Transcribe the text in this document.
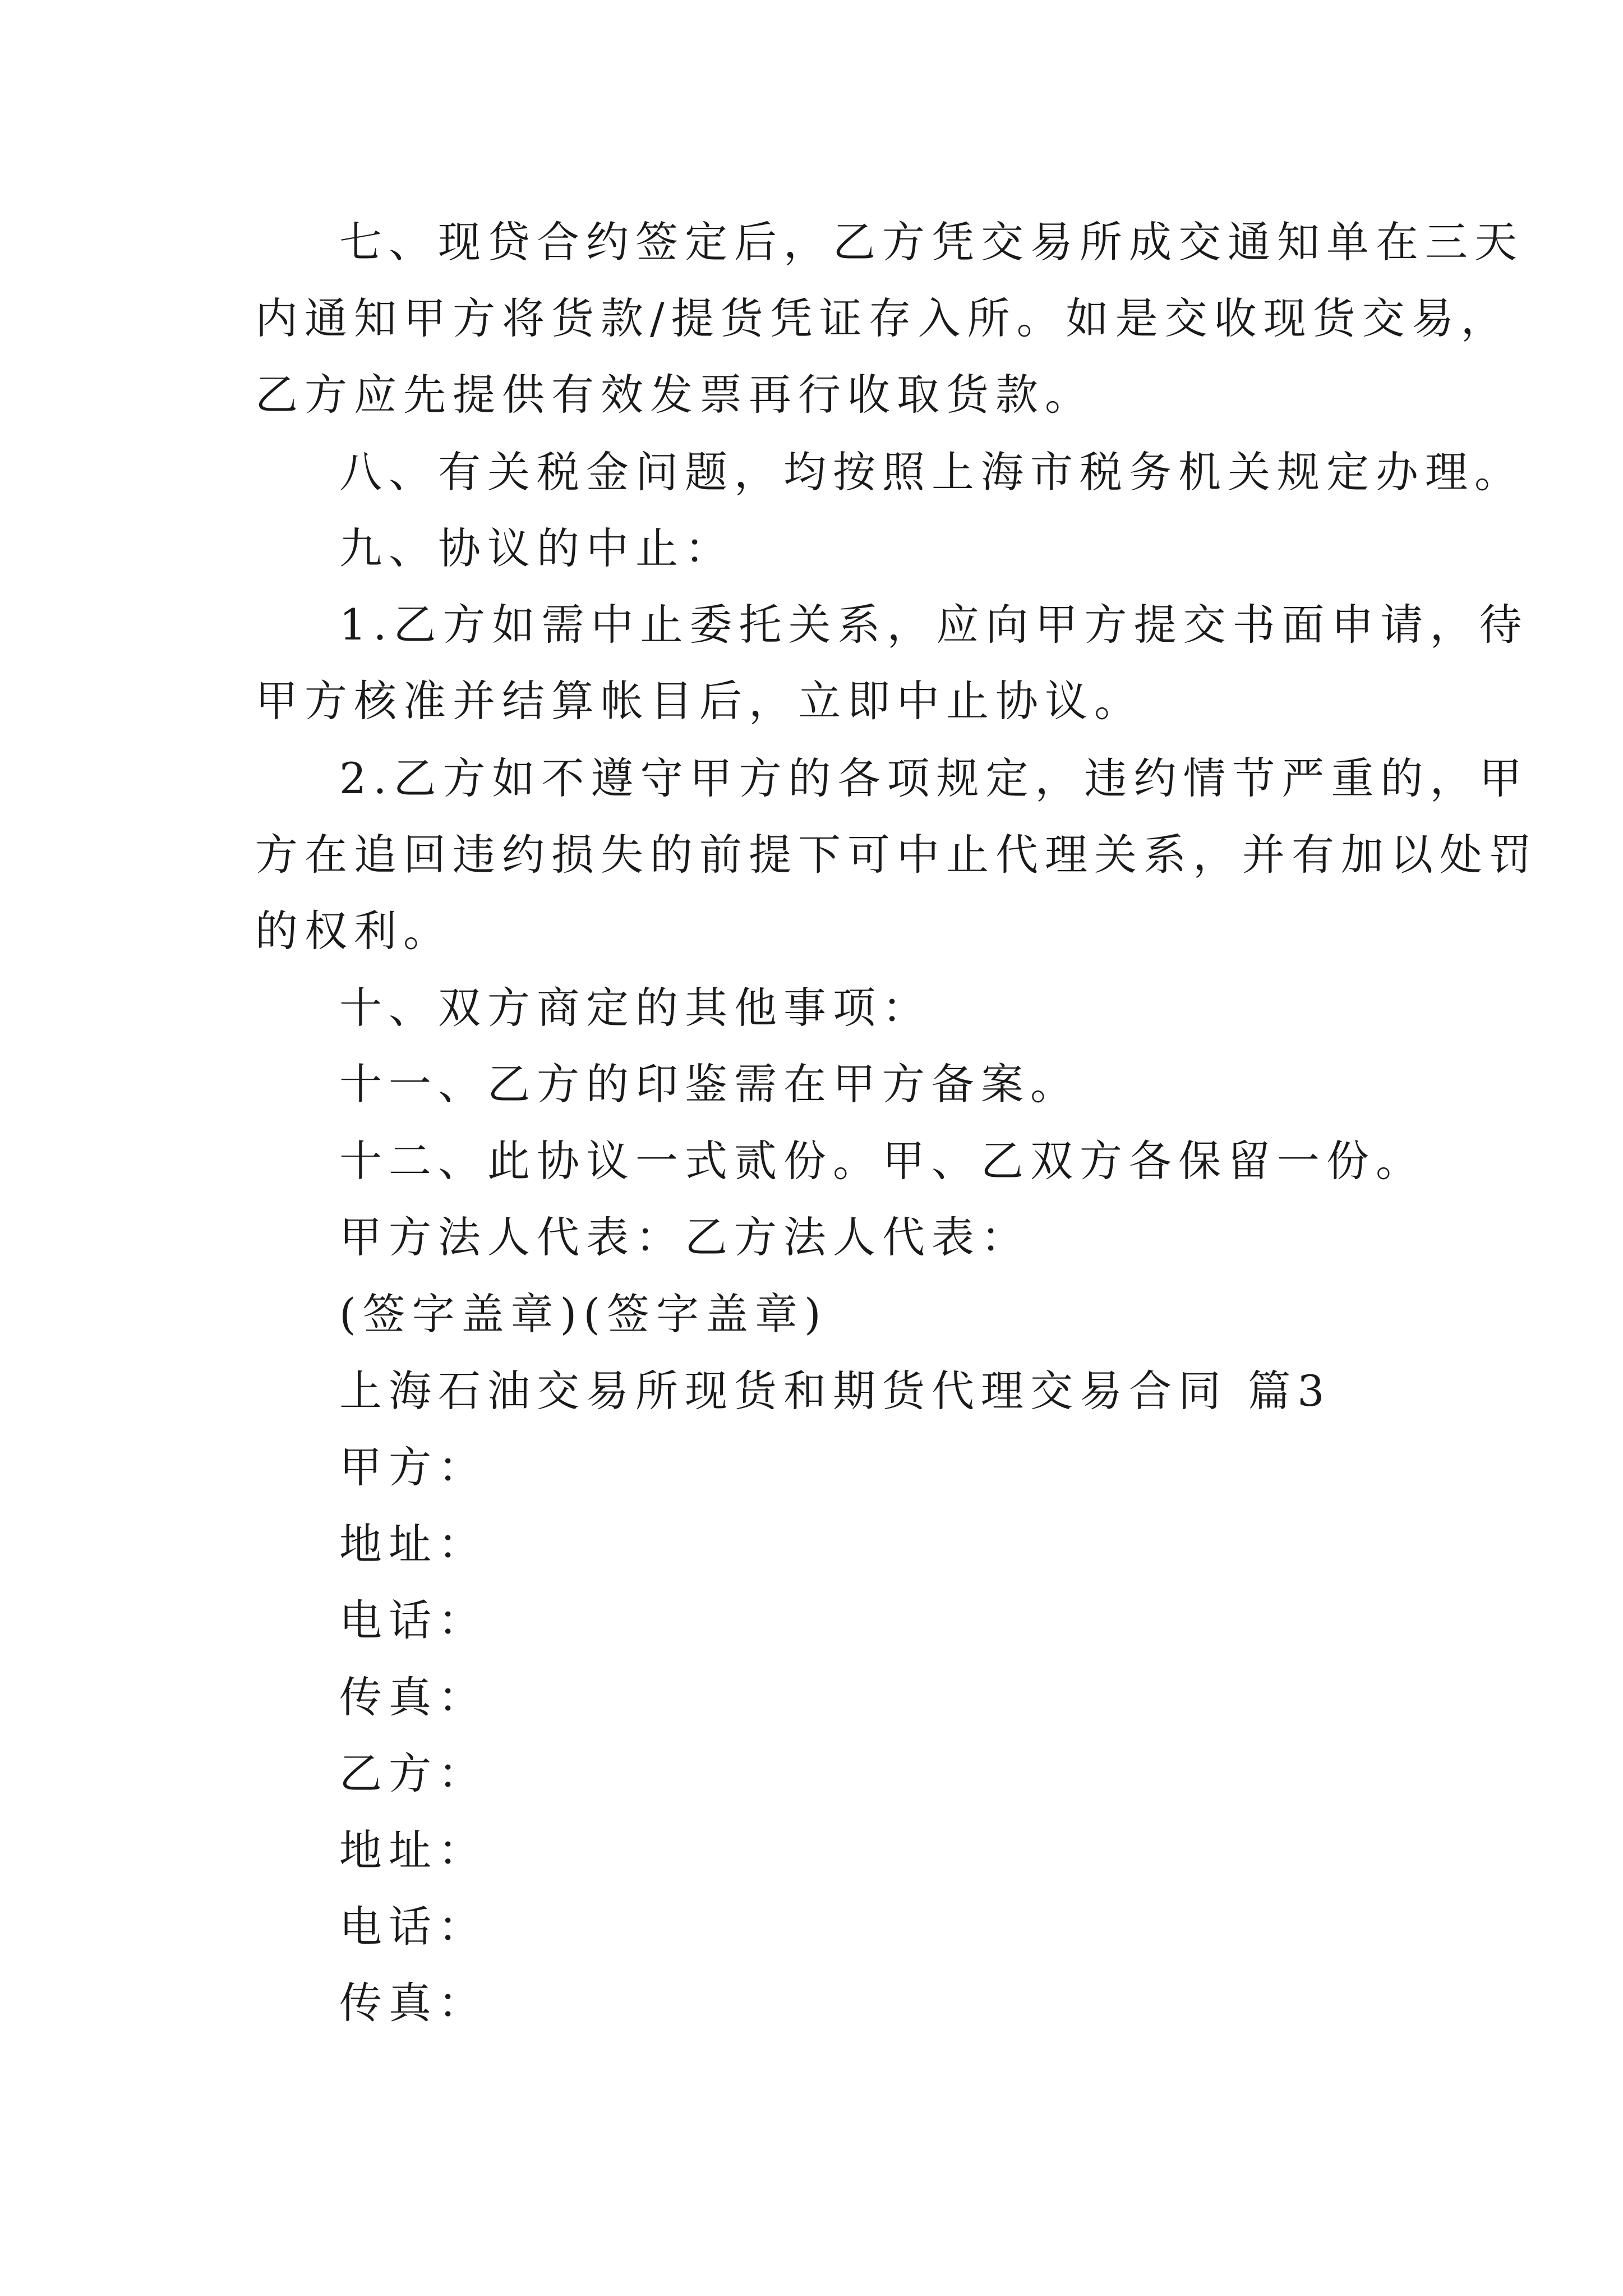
七、现贷合约签定后，乙方凭交易所成交通知单在三天

内通知甲方将货款/提货凭证存入所。如是交收现货交易，

乙方应先提供有效发票再行收取货款。

八、有关税金问题，均按照上海市税务机关规定办理。

九、协议的中止：

1.乙方如需中止委托关系，应向甲方提交书面申请，待

甲方核准并结算帐目后，立即中止协议。

2.乙方如不遵守甲方的各项规定，违约情节严重的，甲

方在追回违约损失的前提下可中止代理关系，并有加以处罚

的权利。

十、双方商定的其他事项：

十一、乙方的印鉴需在甲方备案。

十二、此协议一式贰份。甲、乙双方各保留一份。

甲方法人代表：乙方法人代表：

(签字盖章)(签字盖章)

上海石油交易所现货和期货代理交易合同 篇3

甲方：

地址：

电话：

传真：

乙方：

地址：

电话：

传真：
